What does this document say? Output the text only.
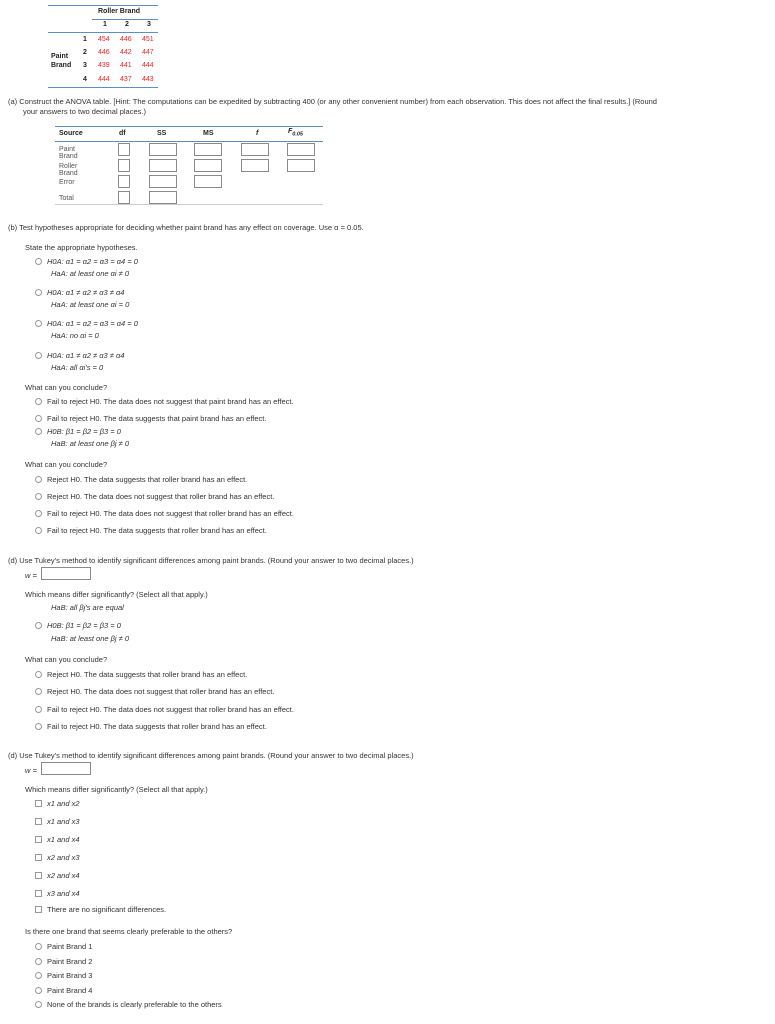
Roller Brand
1	2	3
Paint
Brand
1 454 446 451
2 446 442 447
3 439 441 444
4 444 437 443
(a) Construct the ANOVA table. [Hint: The computations can be expedited by subtracting 400 (or any other convenient number) from each observation. This does not affect the final results.] (Round
your answers to two decimal places.)
Source	df	SS	MS	f	$F_{0.05}$
Paint Brand
Roller Brand
Error
Total
(b) Test hypotheses appropriate for deciding whether paint brand has any effect on coverage. Use α = 0.05.
State the appropriate hypotheses.
H0A: α1 = α2 = α3 = α4 = 0
HaA: at least one αi ≠ 0
H0A: α1 ≠ α2 ≠ α3 ≠ α4
HaA: at least one αi = 0
H0A: α1 = α2 = α3 = α4 = 0
HaA: no αi = 0
H0A: α1 ≠ α2 ≠ α3 ≠ α4
HaA: all αi's = 0
What can you conclude?
Fail to reject H0. The data does not suggest that paint brand has an effect.
Fail to reject H0. The data suggests that paint brand has an effect.
H0B: β1 = β2 = β3 = 0
HaB: at least one βj ≠ 0
What can you conclude?
Reject H0. The data suggests that roller brand has an effect.
Reject H0. The data does not suggest that roller brand has an effect.
Fail to reject H0. The data does not suggest that roller brand has an effect.
Fail to reject H0. The data suggests that roller brand has an effect.
(d) Use Tukey's method to identify significant differences among paint brands. (Round your answer to two decimal places.)
w =
Which means differ significantly? (Select all that apply.)
HaB: all βj's are equal
H0B: β1 = β2 = β3 = 0
HaB: at least one βj ≠ 0
What can you conclude?
Reject H0. The data suggests that roller brand has an effect.
Reject H0. The data does not suggest that roller brand has an effect.
Fail to reject H0. The data does not suggest that roller brand has an effect.
Fail to reject H0. The data suggests that roller brand has an effect.
(d) Use Tukey's method to identify significant differences among paint brands. (Round your answer to two decimal places.)
w =
Which means differ significantly? (Select all that apply.)
x1 and x2
x1 and x3
x1 and x4
x2 and x3
x2 and x4
x3 and x4
There are no significant differences.
Is there one brand that seems clearly preferable to the others?
Paint Brand 1
Paint Brand 2
Paint Brand 3
Paint Brand 4
None of the brands is clearly preferable to the others
